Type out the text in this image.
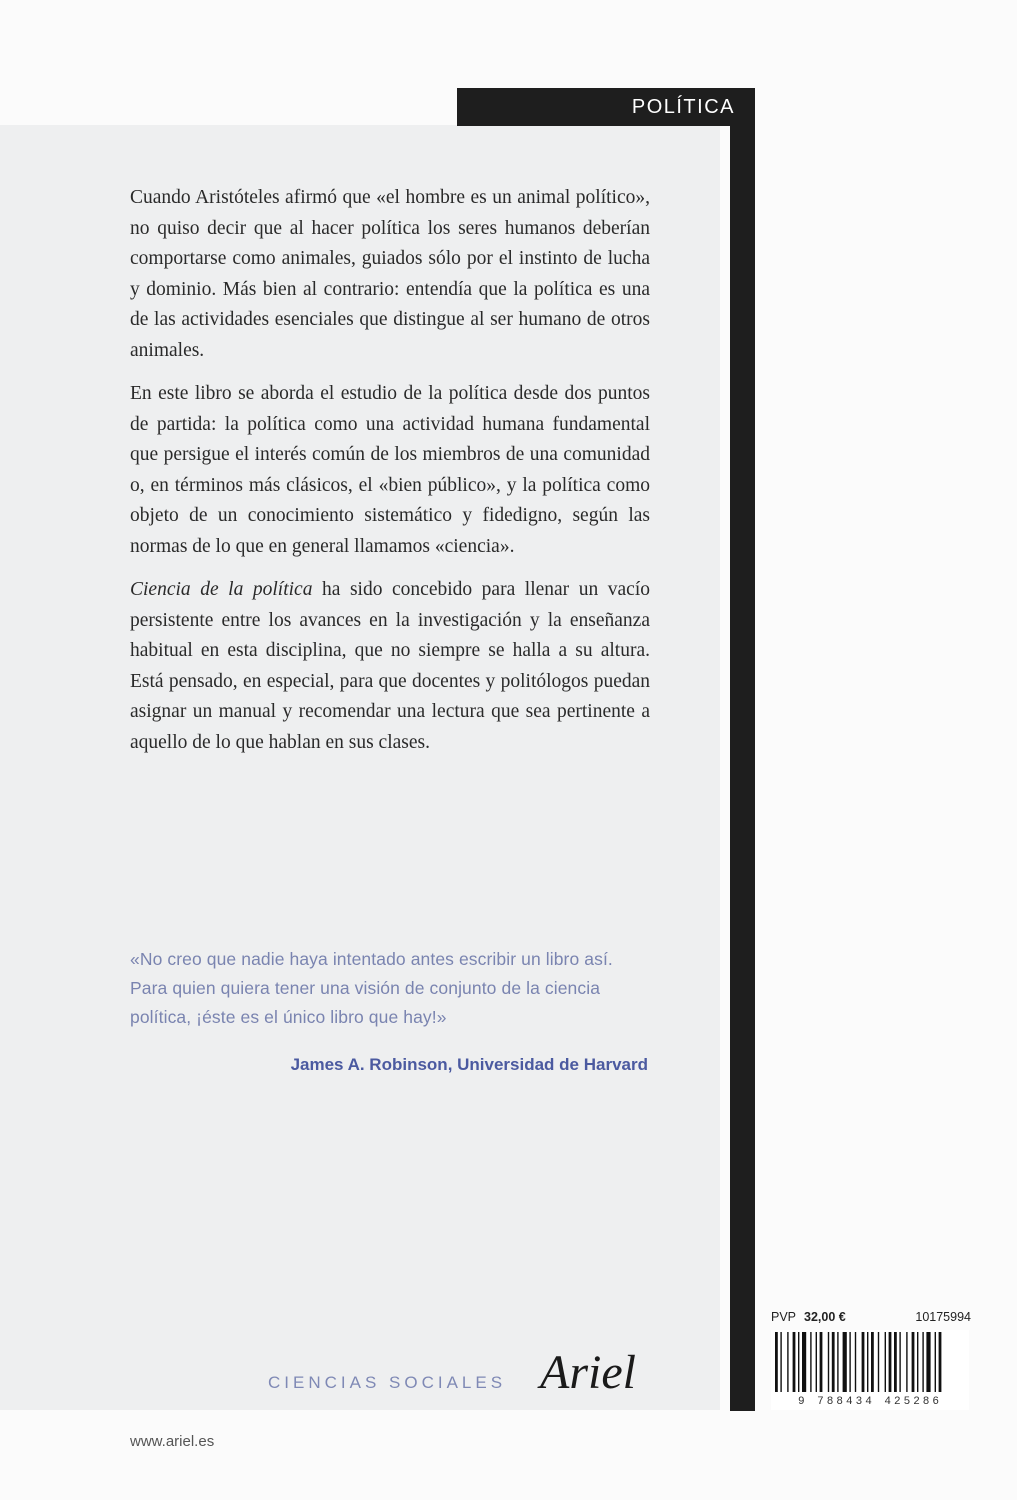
POLÍTICA

Cuando Aristóteles afirmó que «el hombre es un animal político», no quiso decir que al hacer política los seres humanos deberían comportarse como animales, guiados sólo por el instinto de lucha y dominio. Más bien al contrario: entendía que la política es una de las actividades esenciales que distingue al ser humano de otros animales.

En este libro se aborda el estudio de la política desde dos puntos de partida: la política como una actividad humana fundamental que persigue el interés común de los miembros de una comunidad o, en términos más clásicos, el «bien público», y la política como objeto de un conocimiento sistemático y fidedigno, según las normas de lo que en general llamamos «ciencia».

Ciencia de la política ha sido concebido para llenar un vacío persistente entre los avances en la investigación y la enseñanza habitual en esta disciplina, que no siempre se halla a su altura. Está pensado, en especial, para que docentes y politólogos puedan asignar un manual y recomendar una lectura que sea pertinente a aquello de lo que hablan en sus clases.

«No creo que nadie haya intentado antes escribir un libro así. Para quien quiera tener una visión de conjunto de la ciencia política, ¡éste es el único libro que hay!»
James A. Robinson, Universidad de Harvard
CIENCIAS SOCIALES Ariel
PVP 32,00 €	10175994
9 788434 425286
www.ariel.es
